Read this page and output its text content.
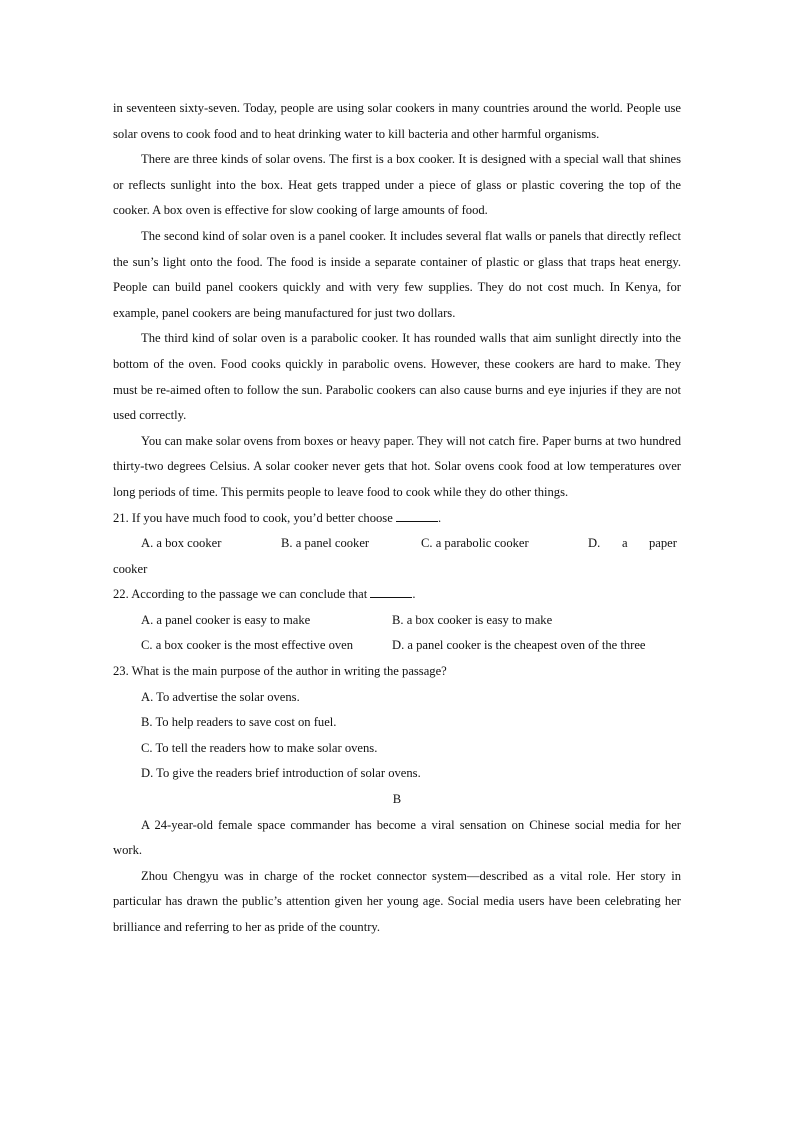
in seventeen sixty-seven. Today, people are using solar cookers in many countries around the world. People use solar ovens to cook food and to heat drinking water to kill bacteria and other harmful organisms.

There are three kinds of solar ovens. The first is a box cooker. It is designed with a special wall that shines or reflects sunlight into the box. Heat gets trapped under a piece of glass or plastic covering the top of the cooker. A box oven is effective for slow cooking of large amounts of food.

The second kind of solar oven is a panel cooker. It includes several flat walls or panels that directly reflect the sun’s light onto the food. The food is inside a separate container of plastic or glass that traps heat energy. People can build panel cookers quickly and with very few supplies. They do not cost much. In Kenya, for example, panel cookers are being manufactured for just two dollars.

The third kind of solar oven is a parabolic cooker. It has rounded walls that aim sunlight directly into the bottom of the oven. Food cooks quickly in parabolic ovens. However, these cookers are hard to make. They must be re-aimed often to follow the sun. Parabolic cookers can also cause burns and eye injuries if they are not used correctly.

You can make solar ovens from boxes or heavy paper. They will not catch fire. Paper burns at two hundred thirty-two degrees Celsius. A solar cooker never gets that hot. Solar ovens cook food at low temperatures over long periods of time. This permits people to leave food to cook while they do other things.

21. If you have much food to cook, you’d better choose	.
A. a box cooker	B. a panel cooker	C. a parabolic cooker	D. a paper
cooker
22. According to the passage we can conclude that	.
A. a panel cooker is easy to make	B. a box cooker is easy to make
C. a box cooker is the most effective oven	D. a panel cooker is the cheapest oven of the three
23. What is the main purpose of the author in writing the passage?
A. To advertise the solar ovens.
B. To help readers to save cost on fuel.
C. To tell the readers how to make solar ovens.
D. To give the readers brief introduction of solar ovens.
B

A 24-year-old female space commander has become a viral sensation on Chinese social media for her work.

Zhou Chengyu was in charge of the rocket connector system—described as a vital role. Her story in particular has drawn the public’s attention given her young age. Social media users have been celebrating her brilliance and referring to her as pride of the country.
